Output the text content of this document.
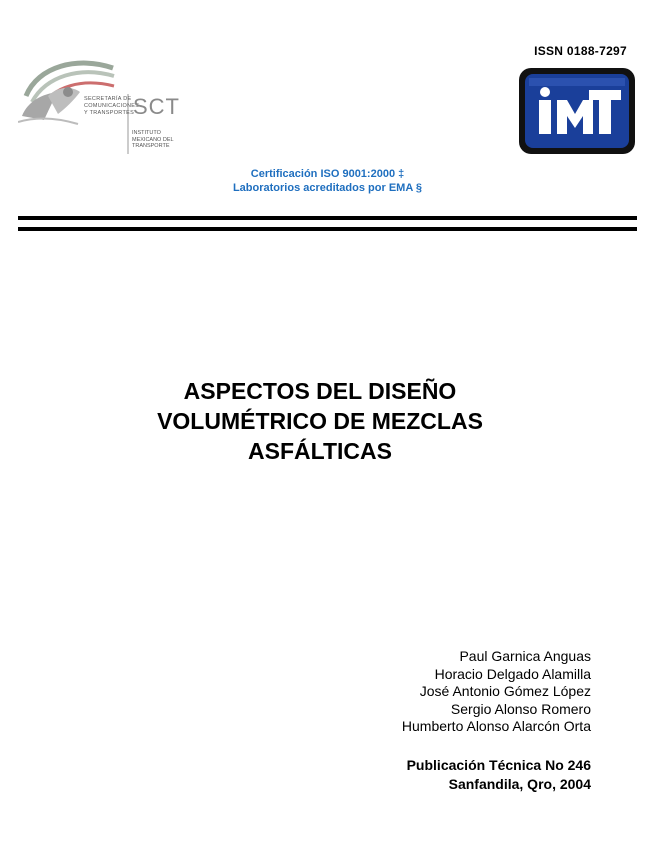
ISSN 0188-7297
SECRETARÍA DE
COMUNICACIONES
Y TRANSPORTES
SCT
INSTITUTO
MEXICANO DEL
TRANSPORTE
Certificación ISO 9001:2000 ‡
Laboratorios acreditados por EMA §
ASPECTOS DEL DISEÑO
VOLUMÉTRICO DE MEZCLAS
ASFÁLTICAS
Paul Garnica Anguas
Horacio Delgado Alamilla
José Antonio Gómez López
Sergio Alonso Romero
Humberto Alonso Alarcón Orta
Publicación Técnica No 246
Sanfandila, Qro, 2004
